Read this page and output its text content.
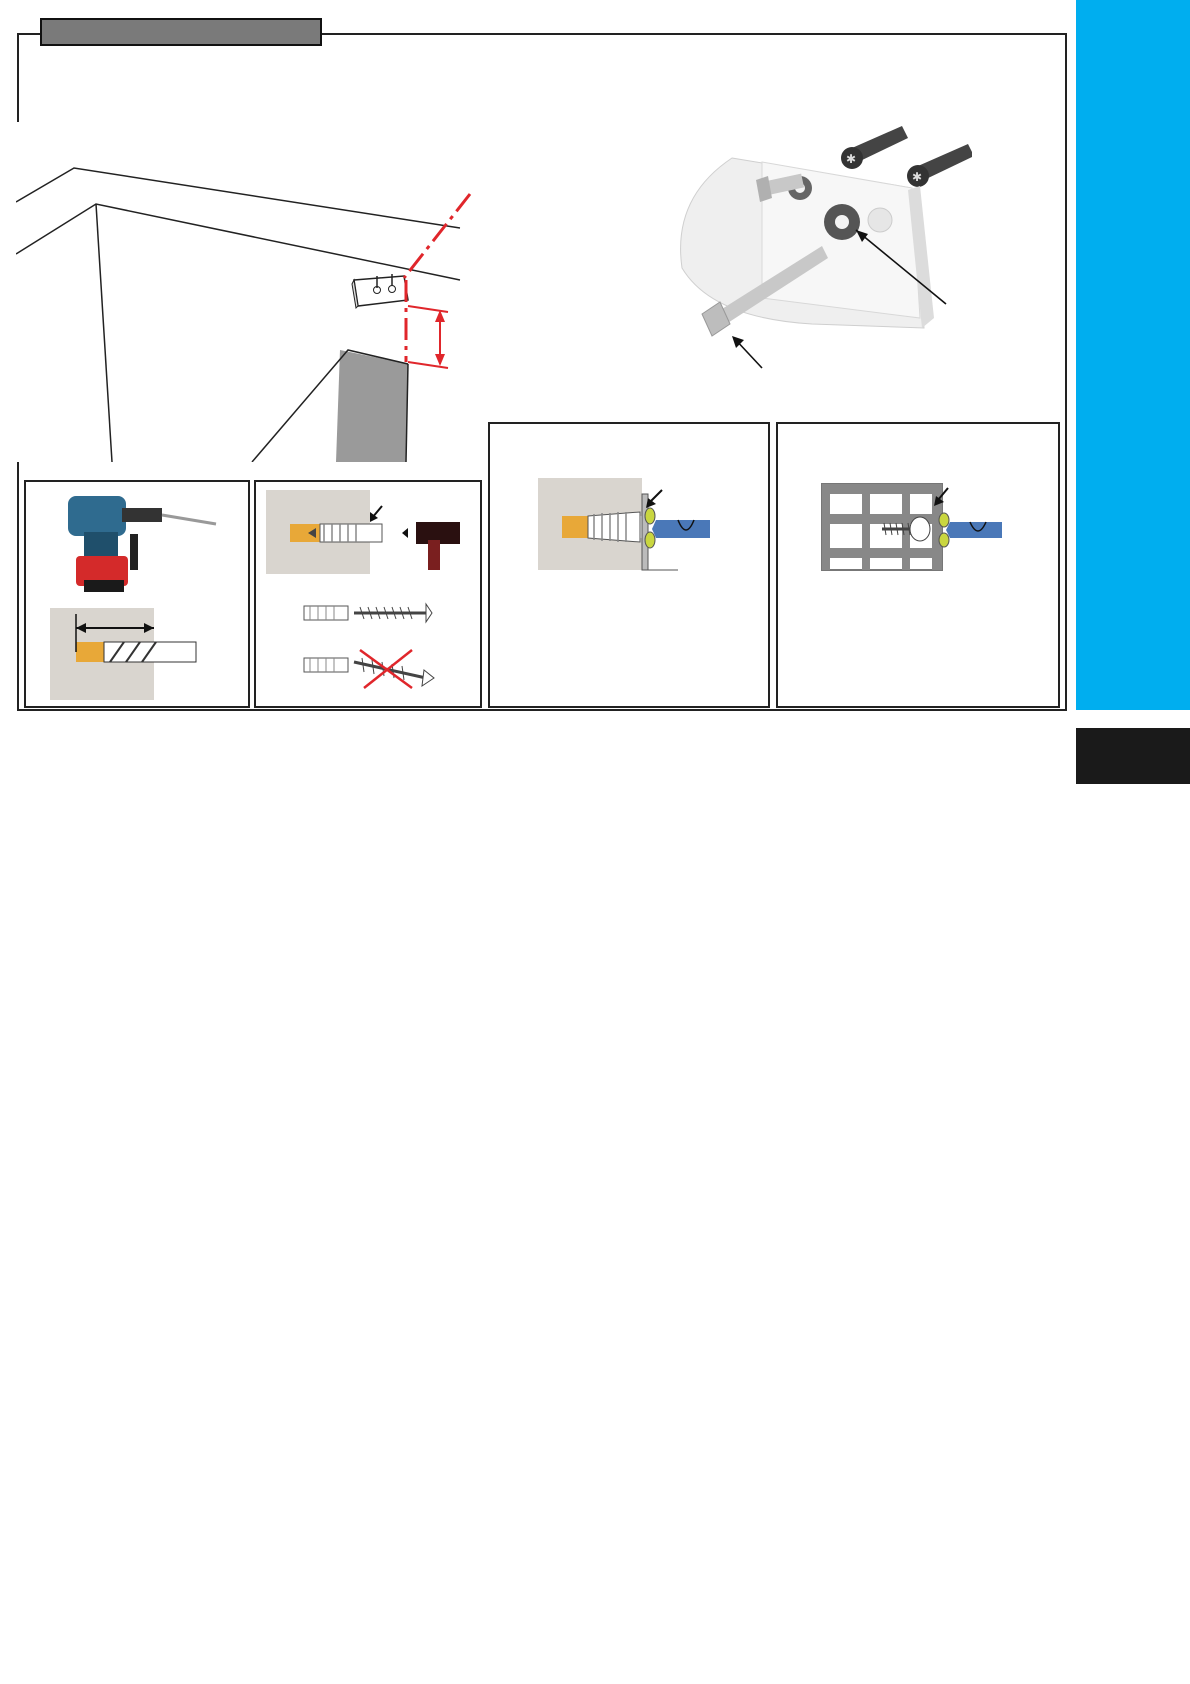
✱
✱
